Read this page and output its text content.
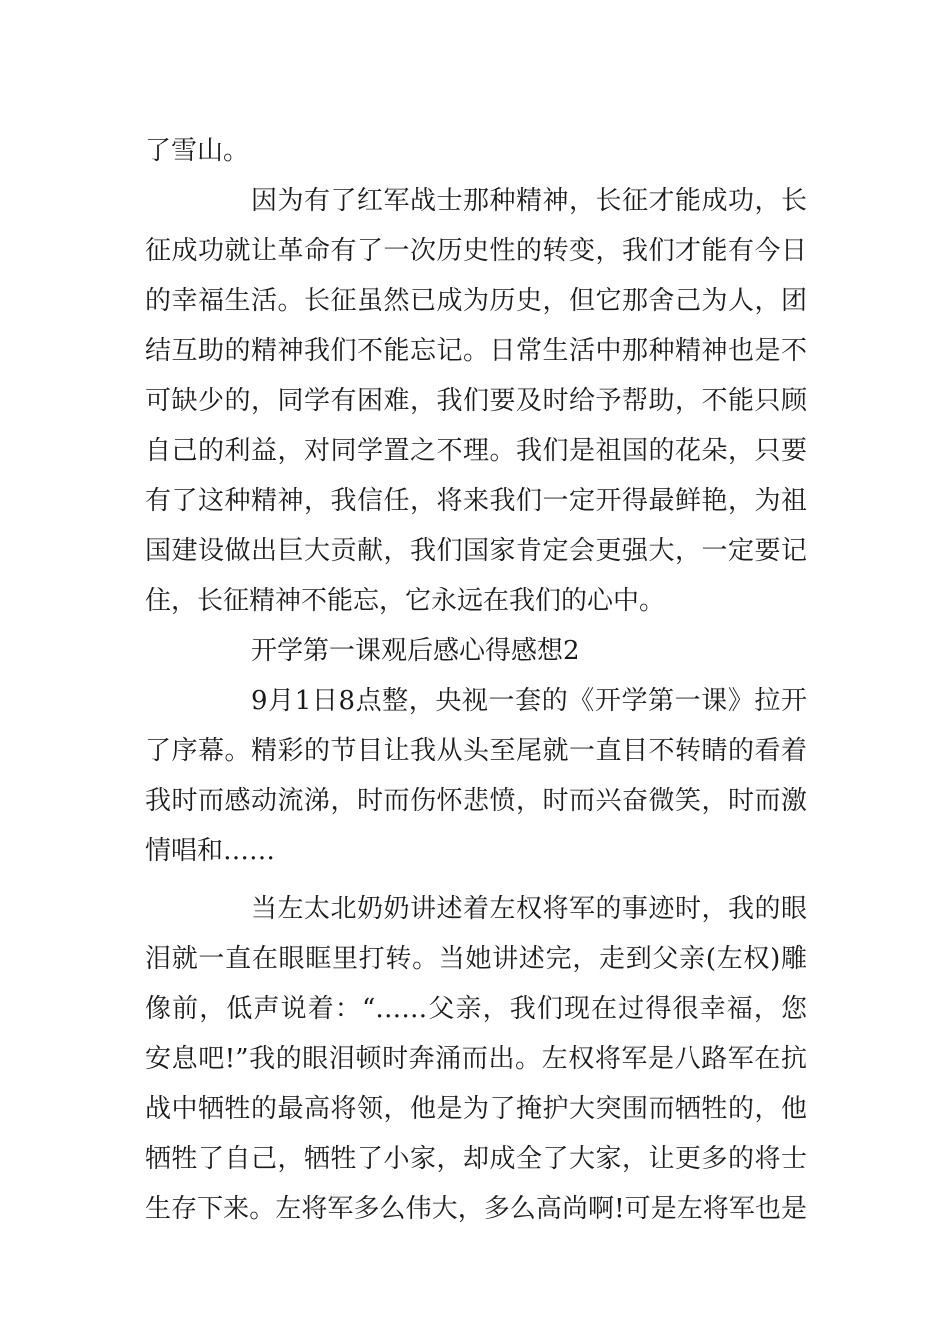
了雪山。
因为有了红军战士那种精神，长征才能成功，长
征成功就让革命有了一次历史性的转变，我们才能有今日
的幸福生活。长征虽然已成为历史，但它那舍己为人，团
结互助的精神我们不能忘记。日常生活中那种精神也是不
可缺少的，同学有困难，我们要及时给予帮助，不能只顾
自己的利益，对同学置之不理。我们是祖国的花朵，只要
有了这种精神，我信任，将来我们一定开得最鲜艳，为祖
国建设做出巨大贡献，我们国家肯定会更强大，一定要记
住，长征精神不能忘，它永远在我们的心中。
开学第一课观后感心得感想2
9月1日8点整，央视一套的《开学第一课》拉开
了序幕。精彩的节目让我从头至尾就一直目不转睛的看着
我时而感动流涕，时而伤怀悲愤，时而兴奋微笑，时而激
情唱和……
当左太北奶奶讲述着左权将军的事迹时，我的眼
泪就一直在眼眶里打转。当她讲述完，走到父亲(左权)雕
像前，低声说着：“……父亲，我们现在过得很幸福，您
安息吧!”我的眼泪顿时奔涌而出。左权将军是八路军在抗
战中牺牲的最高将领，他是为了掩护大突围而牺牲的，他
牺牲了自己，牺牲了小家，却成全了大家，让更多的将士
生存下来。左将军多么伟大，多么高尚啊!可是左将军也是
